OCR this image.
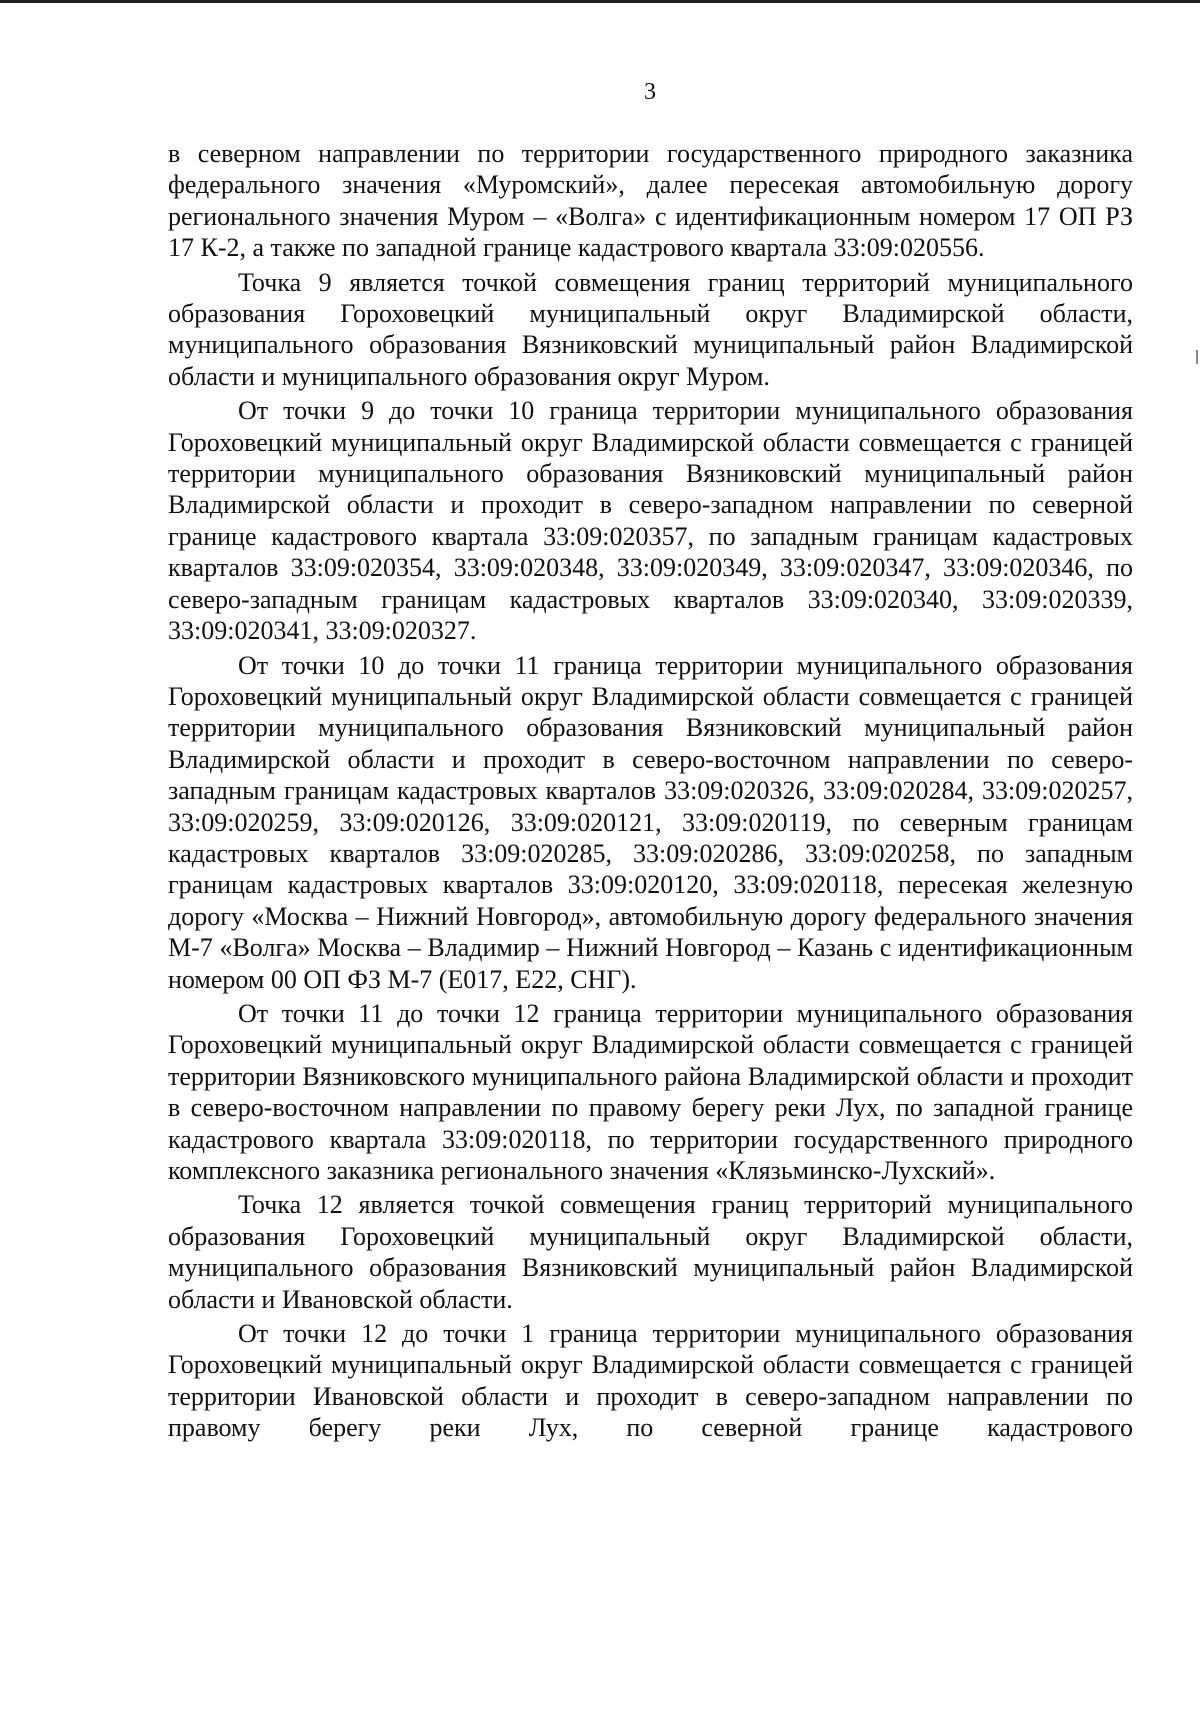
3

в северном направлении по территории государственного природного заказника федерального значения «Муромский», далее пересекая автомобильную дорогу регионального значения Муром – «Волга» с идентификационным номером 17 ОП РЗ 17 К-2, а также по западной границе кадастрового квартала 33:09:020556.

Точка 9 является точкой совмещения границ территорий муниципального образования Гороховецкий муниципальный округ Владимирской области, муниципального образования Вязниковский муниципальный район Владимирской области и муниципального образования округ Муром.

От точки 9 до точки 10 граница территории муниципального образования Гороховецкий муниципальный округ Владимирской области совмещается с границей территории муниципального образования Вязниковский муниципальный район Владимирской области и проходит в северо-западном направлении по северной границе кадастрового квартала 33:09:020357, по западным границам кадастровых кварталов 33:09:020354, 33:09:020348, 33:09:020349, 33:09:020347, 33:09:020346, по северо-западным границам кадастровых кварталов 33:09:020340, 33:09:020339, 33:09:020341, 33:09:020327.

От точки 10 до точки 11 граница территории муниципального образования Гороховецкий муниципальный округ Владимирской области совмещается с границей территории муниципального образования Вязниковский муниципальный район Владимирской области и проходит в северо-восточном направлении по северо-западным границам кадастровых кварталов 33:09:020326, 33:09:020284, 33:09:020257, 33:09:020259, 33:09:020126, 33:09:020121, 33:09:020119, по северным границам кадастровых кварталов 33:09:020285, 33:09:020286, 33:09:020258, по западным границам кадастровых кварталов 33:09:020120, 33:09:020118, пересекая железную дорогу «Москва – Нижний Новгород», автомобильную дорогу федерального значения М-7 «Волга» Москва – Владимир – Нижний Новгород – Казань с идентификационным номером 00 ОП ФЗ М-7 (Е017, Е22, СНГ).

От точки 11 до точки 12 граница территории муниципального образования Гороховецкий муниципальный округ Владимирской области совмещается с границей территории Вязниковского муниципального района Владимирской области и проходит в северо-восточном направлении по правому берегу реки Лух, по западной границе кадастрового квартала 33:09:020118, по территории государственного природного комплексного заказника регионального значения «Клязьминско-Лухский».

Точка 12 является точкой совмещения границ территорий муниципального образования Гороховецкий муниципальный округ Владимирской области, муниципального образования Вязниковский муниципальный район Владимирской области и Ивановской области.

От точки 12 до точки 1 граница территории муниципального образования Гороховецкий муниципальный округ Владимирской области совмещается с границей территории Ивановской области и проходит в северо-западном направлении по правому берегу реки Лух, по северной границе кадастрового
